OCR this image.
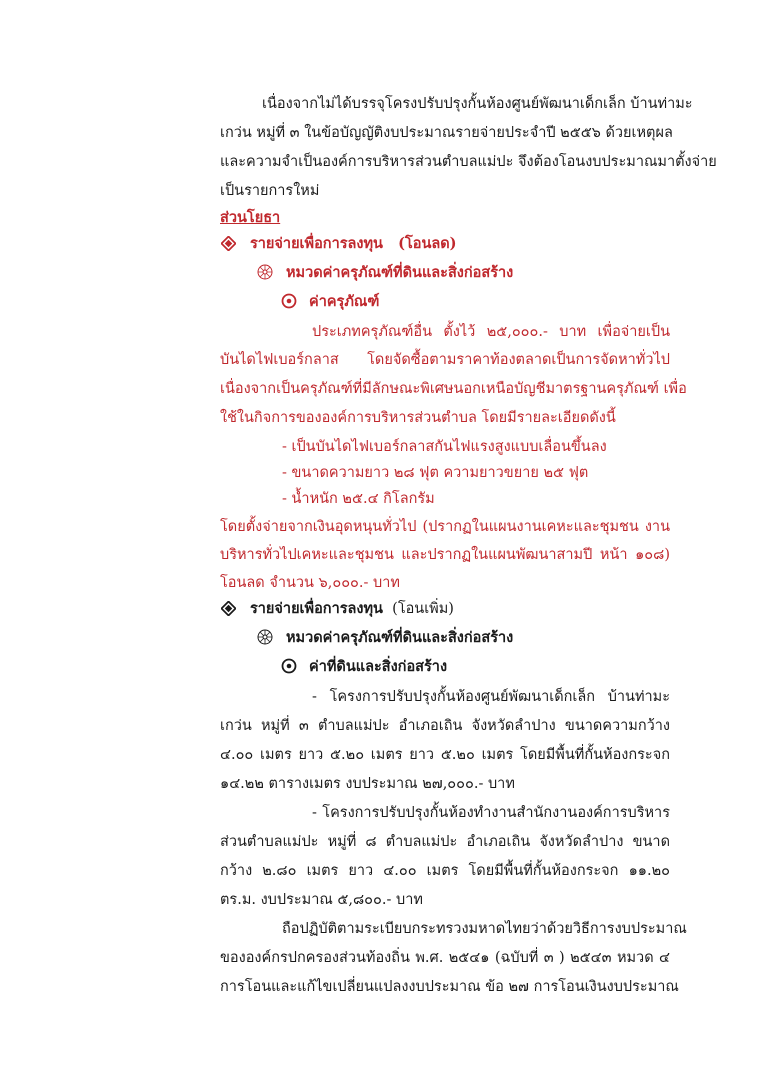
เนื่องจากไม่ได้บรรจุโครงปรับปรุงกั้นห้องศูนย์พัฒนาเด็กเล็ก บ้านท่ามะ
เกว่น หมู่ที่ ๓ ในข้อบัญญัติงบประมาณรายจ่ายประจำปี ๒๕๕๖ ด้วยเหตุผล
และความจำเป็นองค์การบริหารส่วนตำบลแม่ปะ จึงต้องโอนงบประมาณมาตั้งจ่าย
เป็นรายการใหม่
ส่วนโยธา
รายจ่ายเพื่อการลงทุน (โอนลด)
หมวดค่าครุภัณฑ์ที่ดินและสิ่งก่อสร้าง
ค่าครุภัณฑ์
ประเภทครุภัณฑ์อื่น ตั้งไว้ ๒๕,๐๐๐.- บาท เพื่อจ่ายเป็น
บันไดไฟเบอร์กลาส โดยจัดซื้อตามราคาท้องตลาดเป็นการจัดหาทั่วไป
เนื่องจากเป็นครุภัณฑ์ที่มีลักษณะพิเศษนอกเหนือบัญชีมาตรฐานครุภัณฑ์ เพื่อ
ใช้ในกิจการขององค์การบริหารส่วนตำบล โดยมีรายละเอียดดังนี้
- เป็นบันไดไฟเบอร์กลาสกันไฟแรงสูงแบบเลื่อนขึ้นลง
- ขนาดความยาว ๒๘ ฟุต ความยาวขยาย ๒๕ ฟุต
- น้ำหนัก ๒๕.๔ กิโลกรัม
โดยตั้งจ่ายจากเงินอุดหนุนทั่วไป (ปรากฏในแผนงานเคหะและชุมชน งาน
บริหารทั่วไปเคหะและชุมชน และปรากฏในแผนพัฒนาสามปี หน้า ๑๐๘)
โอนลด จำนวน ๖,๐๐๐.- บาท
รายจ่ายเพื่อการลงทุน (โอนเพิ่ม)
หมวดค่าครุภัณฑ์ที่ดินและสิ่งก่อสร้าง
ค่าที่ดินและสิ่งก่อสร้าง
- โครงการปรับปรุงกั้นห้องศูนย์พัฒนาเด็กเล็ก บ้านท่ามะ
เกว่น หมู่ที่ ๓ ตำบลแม่ปะ อำเภอเถิน จังหวัดลำปาง ขนาดความกว้าง
๔.๐๐ เมตร ยาว ๕.๒๐ เมตร ยาว ๕.๒๐ เมตร โดยมีพื้นที่กั้นห้องกระจก
๑๔.๒๒ ตารางเมตร งบประมาณ ๒๗,๐๐๐.- บาท
- โครงการปรับปรุงกั้นห้องทำงานสำนักงานองค์การบริหาร
ส่วนตำบลแม่ปะ หมู่ที่ ๘ ตำบลแม่ปะ อำเภอเถิน จังหวัดลำปาง ขนาด
กว้าง ๒.๘๐ เมตร ยาว ๔.๐๐ เมตร โดยมีพื้นที่กั้นห้องกระจก ๑๑.๒๐
ตร.ม. งบประมาณ ๕,๘๐๐.- บาท
ถือปฏิบัติตามระเบียบกระทรวงมหาดไทยว่าด้วยวิธีการงบประมาณ
ขององค์กรปกครองส่วนท้องถิ่น พ.ศ. ๒๕๔๑ (ฉบับที่ ๓ ) ๒๕๔๓ หมวด ๔
การโอนและแก้ไขเปลี่ยนแปลงงบประมาณ ข้อ ๒๗ การโอนเงินงบประมาณ
